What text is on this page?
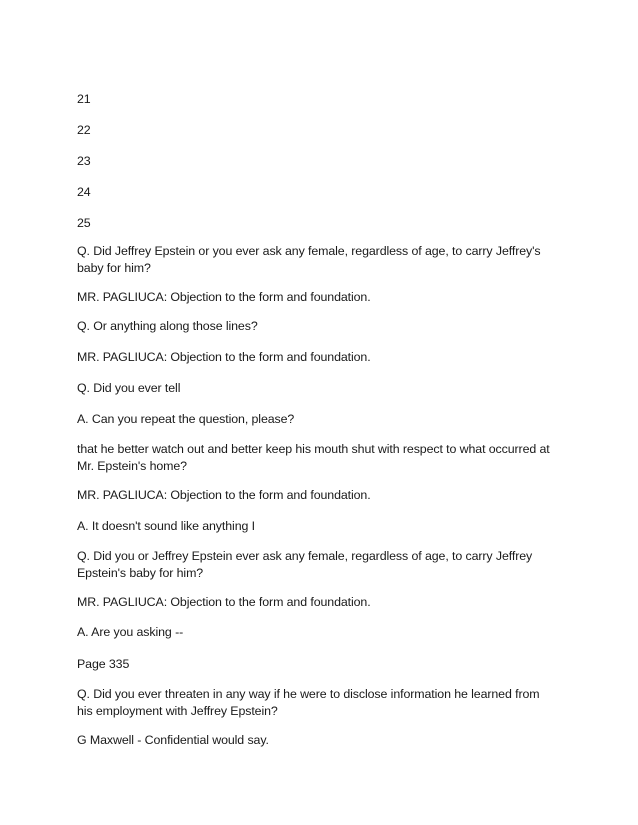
21

22

23

24

25

Q. Did Jeffrey Epstein or you ever ask any female, regardless of age, to carry Jeffrey's baby for him?

MR. PAGLIUCA: Objection to the form and foundation.

Q. Or anything along those lines?

MR. PAGLIUCA: Objection to the form and foundation.

Q. Did you ever tell

A. Can you repeat the question, please?

that he better watch out and better keep his mouth shut with respect to what occurred at Mr. Epstein's home?

MR. PAGLIUCA: Objection to the form and foundation.

A. It doesn't sound like anything I

Q. Did you or Jeffrey Epstein ever ask any female, regardless of age, to carry Jeffrey Epstein's baby for him?

MR. PAGLIUCA: Objection to the form and foundation.

A. Are you asking --

Page 335

Q. Did you ever threaten in any way if he were to disclose information he learned from his employment with Jeffrey Epstein?

G Maxwell - Confidential would say.
